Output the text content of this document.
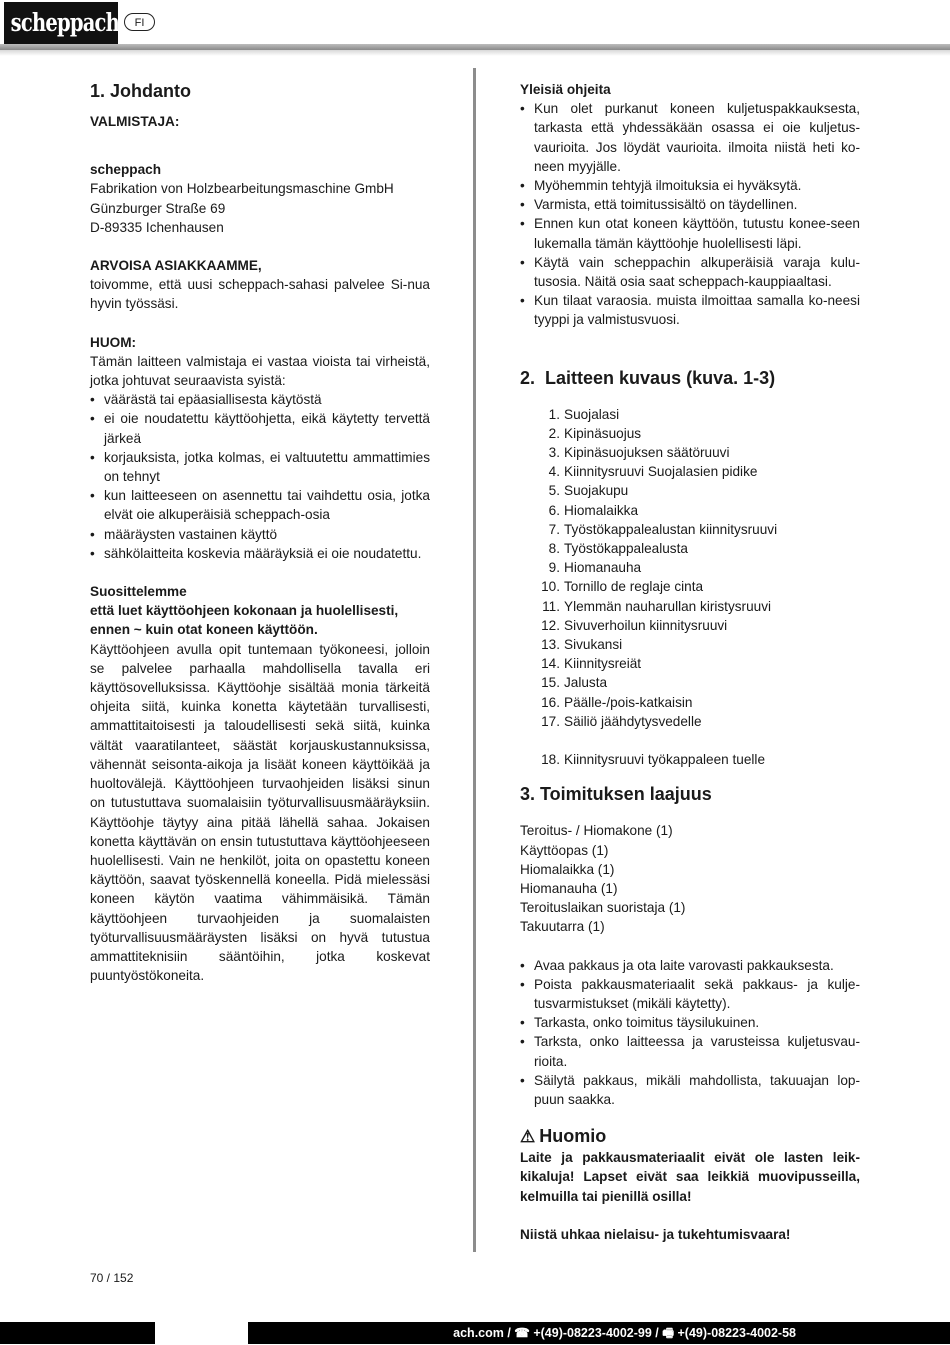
scheppach	FI
1. Johdanto

VALMISTAJA:

scheppach

Fabrikation von Holzbearbeitungsmaschine GmbH

Günzburger Straße 69

D-89335 Ichenhausen

ARVOISA ASIAKKAAMME,

toivomme, että uusi scheppach-sahasi palvelee Si-nua hyvin työssäsi.

HUOM:

Tämän laitteen valmistaja ei vastaa vioista tai virheistä, jotka johtuvat seuraavista syistä:

• väärästä tai epäasiallisesta käytöstä
• ei oie noudatettu käyttöohjetta, eikä käytetty tervettä järkeä
• korjauksista, jotka kolmas, ei valtuutettu ammattimies on tehnyt
• kun laitteeseen on asennettu tai vaihdettu osia, jotka elvät oie alkuperäisiä scheppach-osia
• määräysten vastainen käyttö
• sähkölaitteita koskevia määräyksiä ei oie noudatettu.

Suosittelemme

että luet käyttöohjeen kokonaan ja huolellisesti, ennen ~ kuin otat koneen käyttöön.

Käyttöohjeen avulla opit tuntemaan työkoneesi, jolloin se palvelee parhaalla mahdollisella tavalla eri käyttösovelluksissa. Käyttöohje sisältää monia tärkeitä ohjeita siitä, kuinka konetta käytetään turvallisesti, ammattitaitoisesti ja taloudellisesti sekä siitä, kuinka vältät vaaratilanteet, säästät korjauskustannuksissa, vähennät seisonta-aikoja ja lisäät koneen käyttöikää ja huoltovälejä. Käyttöohjeen turvaohjeiden lisäksi sinun on tutustuttava suomalaisiin työturvallisuusmääräyksiin. Käyttöohje täytyy aina pitää lähellä sahaa. Jokaisen konetta käyttävän on ensin tutustuttava käyttöohjeeseen huolellisesti. Vain ne henkilöt, joita on opastettu koneen käyttöön, saavat työskennellä koneella. Pidä mielessäsi koneen käytön vaatima vähimmäisikä. Tämän käyttöohjeen turvaohjeiden ja suomalaisten työturvallisuusmääräysten lisäksi on hyvä tutustua ammattiteknisiin sääntöihin, jotka koskevat puuntyöstökoneita.

Yleisiä ohjeita

• Kun olet purkanut koneen kuljetuspakkauksesta, tarkasta että yhdessäkään osassa ei oie kuljetus-vaurioita. Jos löydät vaurioita. ilmoita niistä heti ko-neen myyjälle.
• Myöhemmin tehtyjä ilmoituksia ei hyväksytä.
• Varmista, että toimitussisältö on täydellinen.
• Ennen kun otat koneen käyttöön, tutustu konee-seen lukemalla tämän käyttöohje huolellisesti läpi.
• Käytä vain scheppachin alkuperäisiä varaja kulu-tusosia. Näitä osia saat scheppach-kauppiaaltasi.
• Kun tilaat varaosia. muista ilmoittaa samalla ko-neesi tyyppi ja valmistusvuosi.
2. Laitteen kuvaus (kuva. 1-3)
1. Suojalasi
2. Kipinäsuojus
3. Kipinäsuojuksen säätöruuvi
4. Kiinnitysruuvi Suojalasien pidike
5. Suojakupu
6. Hiomalaikka
7. Työstökappalealustan kiinnitysruuvi
8. Työstökappalealusta
9. Hiomanauha
10. Tornillo de reglaje cinta
11. Ylemmän nauharullan kiristysruuvi
12. Sivuverhoilun kiinnitysruuvi
13. Sivukansi
14. Kiinnitysreiät
15. Jalusta
16. Päälle-/pois-katkaisin
17. Säiliö jäähdytysvedelle
18. Kiinnitysruuvi työkappaleen tuelle
3. Toimituksen laajuus

Teroitus- / Hiomakone (1)

Käyttöopas (1)

Hiomalaikka (1)

Hiomanauha (1)

Teroituslaikan suoristaja (1)

Takuutarra (1)

• Avaa pakkaus ja ota laite varovasti pakkauksesta.
• Poista pakkausmateriaalit sekä pakkaus- ja kulje-tusvarmistukset (mikäli käytetty).
• Tarkasta, onko toimitus täysilukuinen.
• Tarksta, onko laitteessa ja varusteissa kuljetusvau-rioita.
• Säilytä pakkaus, mikäli mahdollista, takuuajan lop-puun saakka.
⚠ Huomio

Laite ja pakkausmateriaalit eivät ole lasten leik-kikaluja! Lapset eivät saa leikkiä muovipusseilla, kelmuilla tai pienillä osilla!

Niistä uhkaa nielaisu- ja tukehtumisvaara!

70 / 152
ach.com / ☎ +(49)-08223-4002-99 / 🖷 +(49)-08223-4002-58
